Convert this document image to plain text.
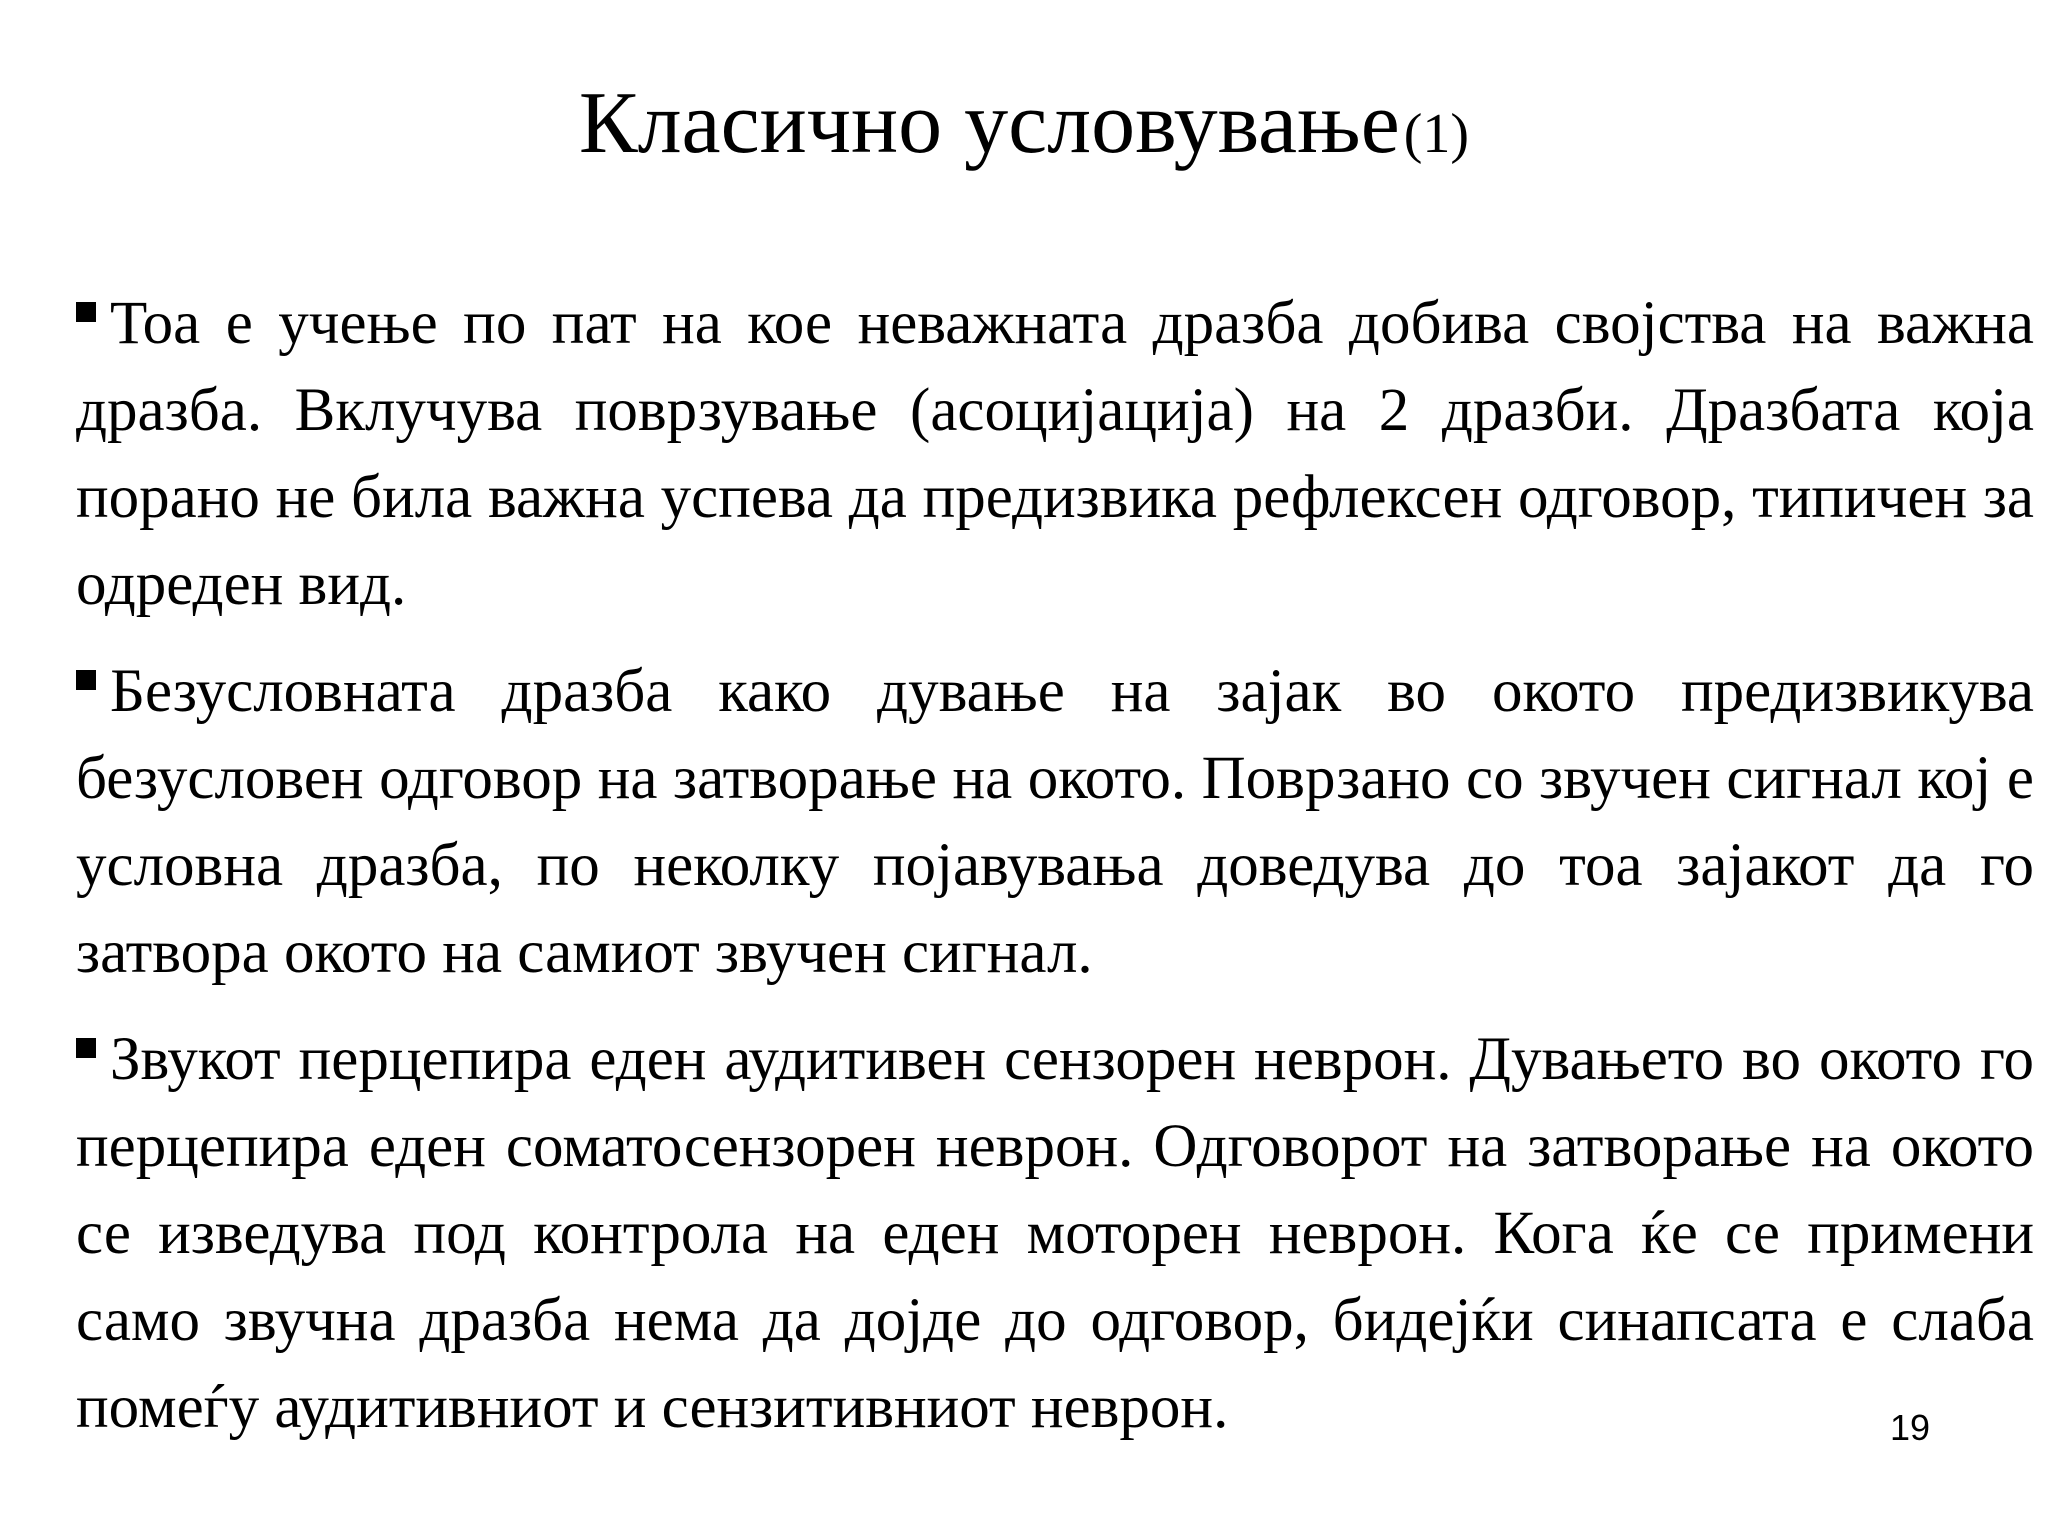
Класично условување (1)
Тоа е учење по пат на кое неважната дразба добива својства на важна дразба. Вклучува поврзување (асоцијација) на 2 дразби. Дразбата која порано не била важна успева да предизвика рефлексен одговор, типичен за одреден вид.
Безусловната дразба како дување на зајак во окото предизвикува безусловен одговор на затворање на окото. Поврзано со звучен сигнал кој е условна дразба, по неколку појавувања доведува до тоа зајакот да го затвора окото на самиот звучен сигнал.
Звукот перцепира еден аудитивен сензорен неврон. Дувањето во окото го перцепира еден соматосензорен неврон. Одговорот на затворање на окото се изведува под контрола на еден моторен неврон. Кога ќе се примени само звучна дразба нема да дојде до одговор, бидејќи синапсата е слаба помеѓу аудитивниот и сензитивниот неврон.	19
